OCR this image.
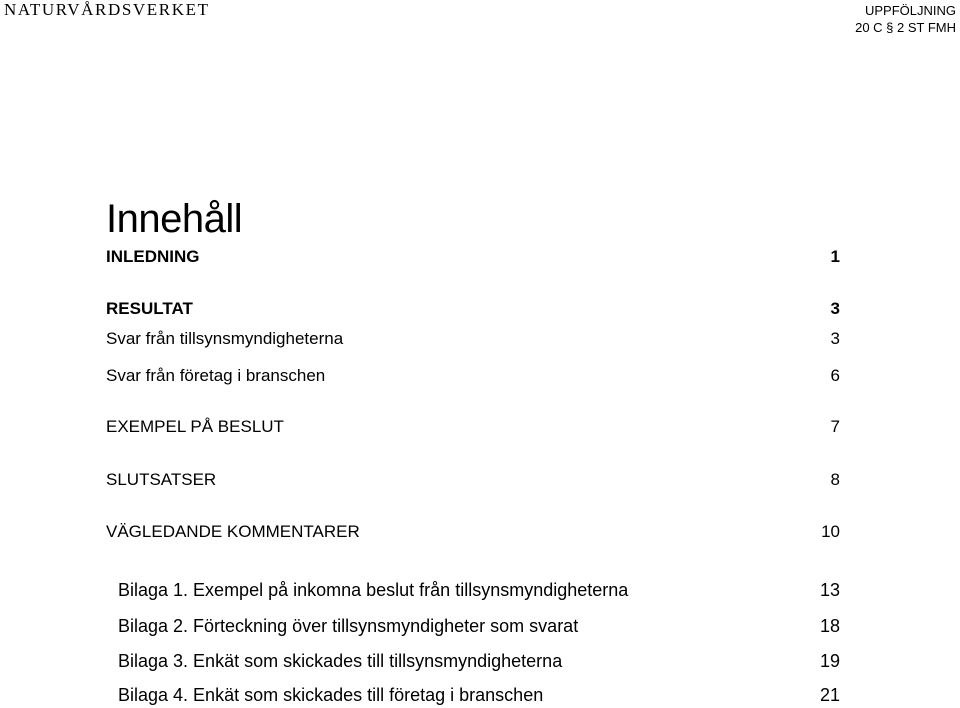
NATURVÅRDSVERKET	UPPFÖLJNING
20 C § 2 ST FMH
Innehåll
INLEDNING	1
RESULTAT	3
Svar från tillsynsmyndigheterna	3
Svar från företag i branschen	6
EXEMPEL PÅ BESLUT	7
SLUTSATSER	8
VÄGLEDANDE KOMMENTARER	10
Bilaga 1. Exempel på inkomna beslut från tillsynsmyndigheterna	13
Bilaga 2. Förteckning över tillsynsmyndigheter som svarat	18
Bilaga 3. Enkät som skickades till tillsynsmyndigheterna	19
Bilaga 4. Enkät som skickades till företag i branschen	21
